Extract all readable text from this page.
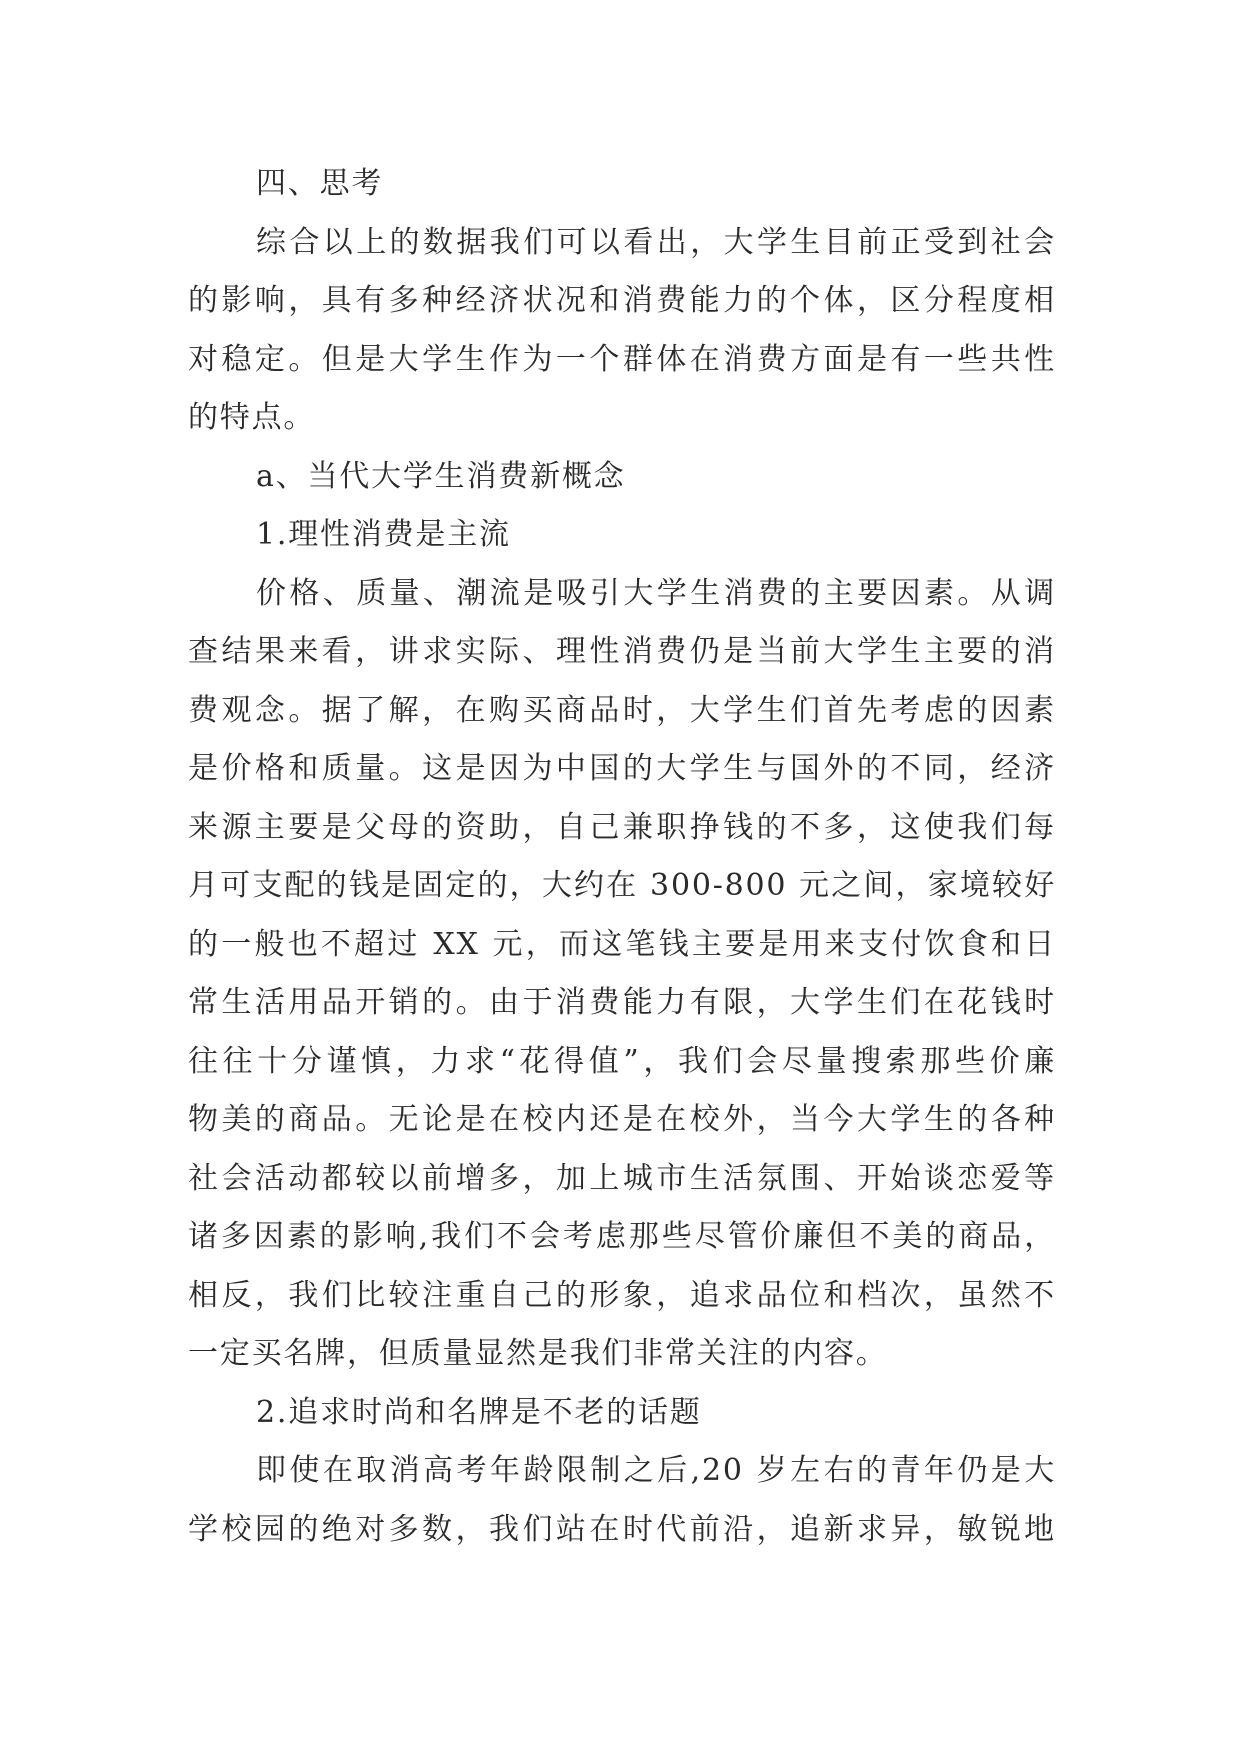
四、思考
综合以上的数据我们可以看出，大学生目前正受到社会
的影响，具有多种经济状况和消费能力的个体，区分程度相
对稳定。但是大学生作为一个群体在消费方面是有一些共性
的特点。
a、当代大学生消费新概念
1.理性消费是主流
价格、质量、潮流是吸引大学生消费的主要因素。从调
查结果来看，讲求实际、理性消费仍是当前大学生主要的消
费观念。据了解，在购买商品时，大学生们首先考虑的因素
是价格和质量。这是因为中国的大学生与国外的不同，经济
来源主要是父母的资助，自己兼职挣钱的不多，这使我们每
月可支配的钱是固定的，大约在 300-800 元之间，家境较好
的一般也不超过 XX 元，而这笔钱主要是用来支付饮食和日
常生活用品开销的。由于消费能力有限，大学生们在花钱时
往往十分谨慎，力求“花得值”，我们会尽量搜索那些价廉
物美的商品。无论是在校内还是在校外，当今大学生的各种
社会活动都较以前增多，加上城市生活氛围、开始谈恋爱等
诸多因素的影响,我们不会考虑那些尽管价廉但不美的商品，
相反，我们比较注重自己的形象，追求品位和档次，虽然不
一定买名牌，但质量显然是我们非常关注的内容。
2.追求时尚和名牌是不老的话题
即使在取消高考年龄限制之后,20 岁左右的青年仍是大
学校园的绝对多数，我们站在时代前沿，追新求异，敏锐地
